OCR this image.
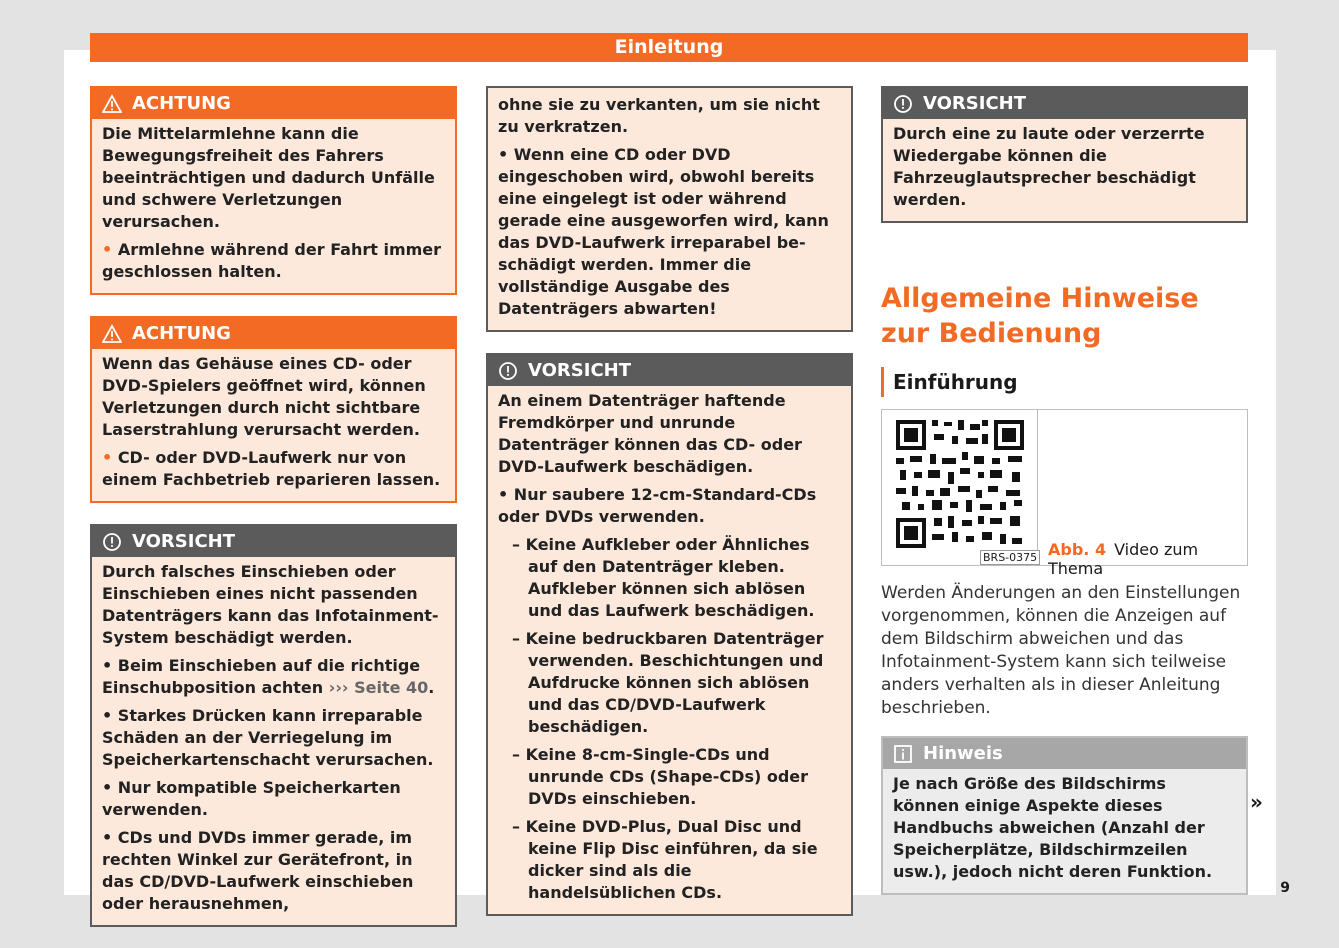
Einleitung
ACHTUNG

Die Mittelarmlehne kann die Bewegungsfreiheit des Fahrers beeinträchtigen und dadurch Unfälle und schwere Verletzungen verursachen.

• Armlehne während der Fahrt immer geschlossen halten.

ACHTUNG

Wenn das Gehäuse eines CD- oder DVD-Spielers geöffnet wird, können Verletzungen durch nicht sichtbare Laserstrahlung verursacht werden.

• CD- oder DVD-Laufwerk nur von einem Fachbetrieb reparieren lassen.

VORSICHT

Durch falsches Einschieben oder Einschieben eines nicht passenden Datenträgers kann das Infotainment-System beschädigt werden.

• Beim Einschieben auf die richtige Einschubposition achten ››› Seite 40.

• Starkes Drücken kann irreparable Schäden an der Verriegelung im Speicherkartenschacht verursachen.

• Nur kompatible Speicherkarten verwenden.

• CDs und DVDs immer gerade, im rechten Winkel zur Gerätefront, in das CD/DVD-Laufwerk einschieben oder herausnehmen,

ohne sie zu verkanten, um sie nicht zu verkratzen.

• Wenn eine CD oder DVD eingeschoben wird, obwohl bereits eine eingelegt ist oder während gerade eine ausgeworfen wird, kann das DVD-Laufwerk irreparabel beschädigt werden. Immer die vollständige Ausgabe des Datenträgers abwarten!

VORSICHT

An einem Datenträger haftende Fremdkörper und unrunde Datenträger können das CD- oder DVD-Laufwerk beschädigen.

• Nur saubere 12-cm-Standard-CDs oder DVDs verwenden.

– Keine Aufkleber oder Ähnliches auf den Datenträger kleben. Aufkleber können sich ablösen und das Laufwerk beschädigen.

– Keine bedruckbaren Datenträger verwenden. Beschichtungen und Aufdrucke können sich ablösen und das CD/DVD-Laufwerk beschädigen.

– Keine 8-cm-Single-CDs und unrunde CDs (Shape-CDs) oder DVDs einschieben.

– Keine DVD-Plus, Dual Disc und keine Flip Disc einführen, da sie dicker sind als die handelsüblichen CDs.

VORSICHT

Durch eine zu laute oder verzerrte Wiedergabe können die Fahrzeuglautsprecher beschädigt werden.

Allgemeine Hinweise zur Bedienung
Einführung
BRS-0375 Abb. 4 Video zum Thema
Werden Änderungen an den Einstellungen vorgenommen, können die Anzeigen auf dem Bildschirm abweichen und das Infotainment-System kann sich teilweise anders verhalten als in dieser Anleitung beschrieben.
Hinweis

Je nach Größe des Bildschirms können einige Aspekte dieses Handbuchs abweichen (Anzahl der Speicherplätze, Bildschirmzeilen usw.), jedoch nicht deren Funktion.

»
9
